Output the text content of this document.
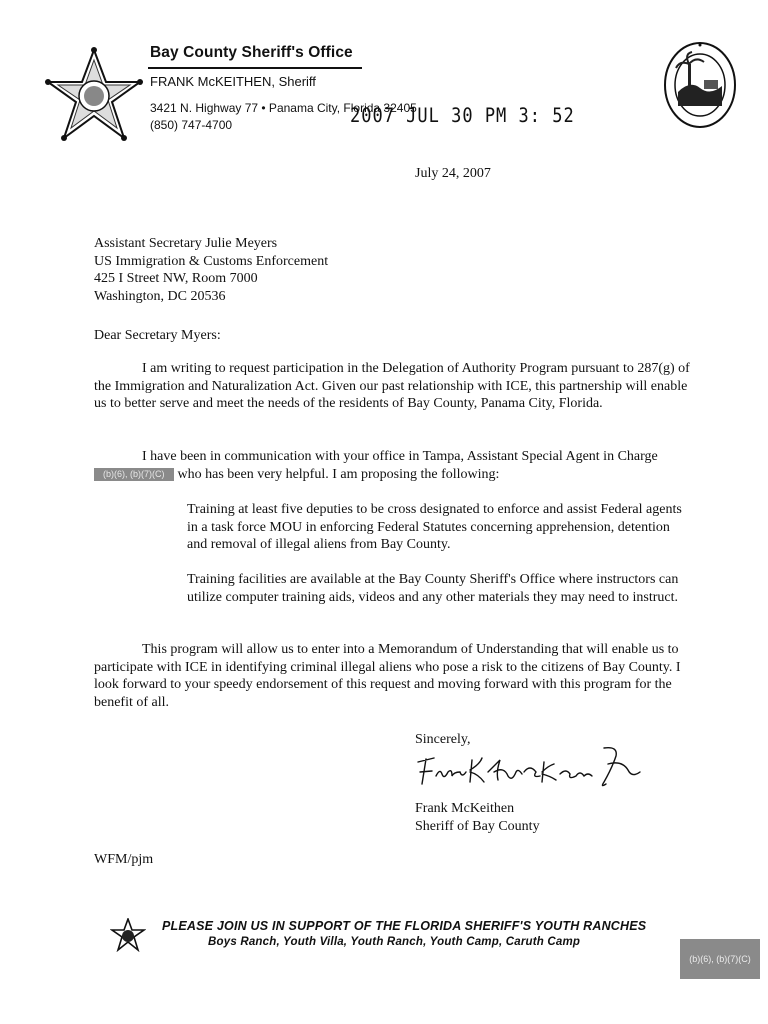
Bay County Sheriff's Office
FRANK McKEITHEN, Sheriff
3421 N. Highway 77 • Panama City, Florida 32405
(850) 747-4700	2007 JUL 30 PM 3: 52
July 24, 2007
Assistant Secretary Julie Meyers
US Immigration & Customs Enforcement
425 I Street NW, Room 7000
Washington, DC 20536
Dear Secretary Myers:
I am writing to request participation in the Delegation of Authority Program pursuant to 287(g) of the Immigration and Naturalization Act. Given our past relationship with ICE, this partnership will enable us to better serve and meet the needs of the residents of Bay County, Panama City, Florida.
I have been in communication with your office in Tampa, Assistant Special Agent in Charge
(b)(6), (b)(7)(C) who has been very helpful. I am proposing the following:
Training at least five deputies to be cross designated to enforce and assist Federal agents in a task force MOU in enforcing Federal Statutes concerning apprehension, detention and removal of illegal aliens from Bay County.
Training facilities are available at the Bay County Sheriff's Office where instructors can utilize computer training aids, videos and any other materials they may need to instruct.
This program will allow us to enter into a Memorandum of Understanding that will enable us to participate with ICE in identifying criminal illegal aliens who pose a risk to the citizens of Bay County. I look forward to your speedy endorsement of this request and moving forward with this program for the benefit of all.
Sincerely,
Frank McKeithen
Sheriff of Bay County
WFM/pjm
PLEASE JOIN US IN SUPPORT OF THE FLORIDA SHERIFF'S YOUTH RANCHES
Boys Ranch, Youth Villa, Youth Ranch, Youth Camp, Caruth Camp
(b)(6), (b)(7)(C)
